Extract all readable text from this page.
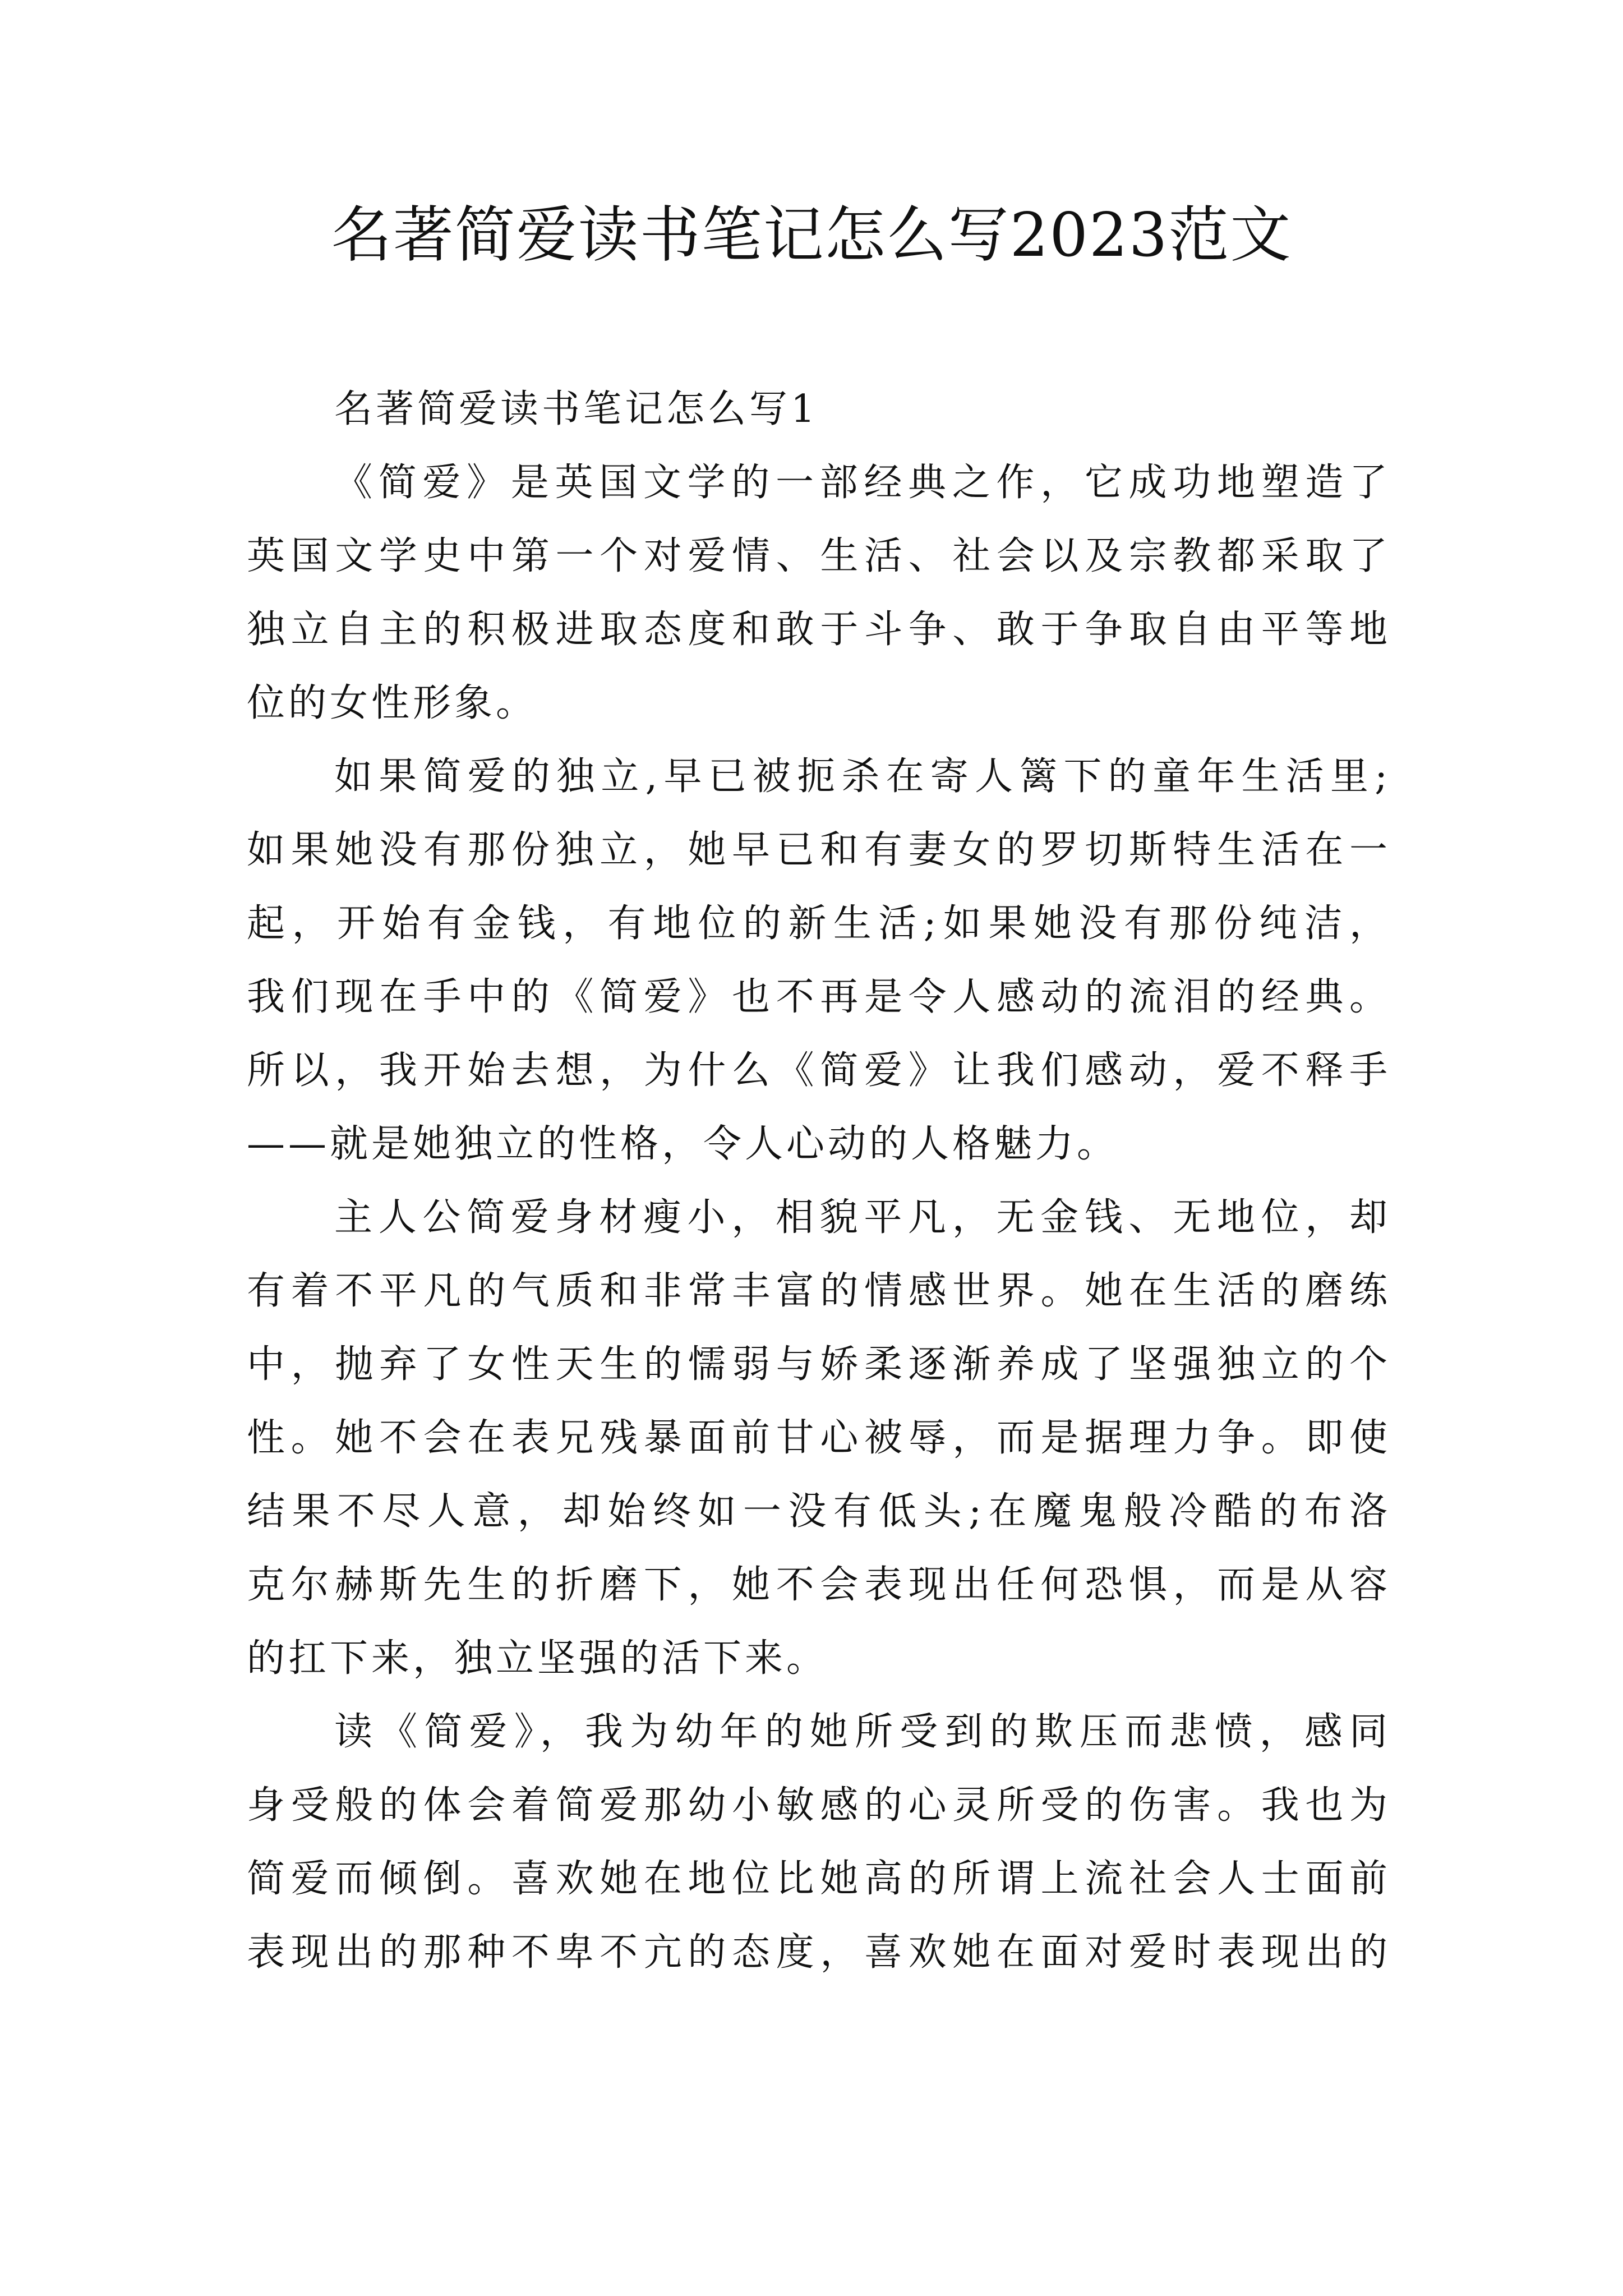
名著简爱读书笔记怎么写2023范文
名著简爱读书笔记怎么写1
《简爱》是英国文学的一部经典之作，它成功地塑造了
英国文学史中第一个对爱情、生活、社会以及宗教都采取了
独立自主的积极进取态度和敢于斗争、敢于争取自由平等地
位的女性形象。
如果简爱的独立,早已被扼杀在寄人篱下的童年生活里;
如果她没有那份独立，她早已和有妻女的罗切斯特生活在一
起，开始有金钱，有地位的新生活;如果她没有那份纯洁，
我们现在手中的《简爱》也不再是令人感动的流泪的经典。
所以，我开始去想，为什么《简爱》让我们感动，爱不释手
——就是她独立的性格，令人心动的人格魅力。
主人公简爱身材瘦小，相貌平凡，无金钱、无地位，却
有着不平凡的气质和非常丰富的情感世界。她在生活的磨练
中，抛弃了女性天生的懦弱与娇柔逐渐养成了坚强独立的个
性。她不会在表兄残暴面前甘心被辱，而是据理力争。即使
结果不尽人意，却始终如一没有低头;在魔鬼般冷酷的布洛
克尔赫斯先生的折磨下，她不会表现出任何恐惧，而是从容
的扛下来，独立坚强的活下来。
读《简爱》，我为幼年的她所受到的欺压而悲愤，感同
身受般的体会着简爱那幼小敏感的心灵所受的伤害。我也为
简爱而倾倒。喜欢她在地位比她高的所谓上流社会人士面前
表现出的那种不卑不亢的态度，喜欢她在面对爱时表现出的
